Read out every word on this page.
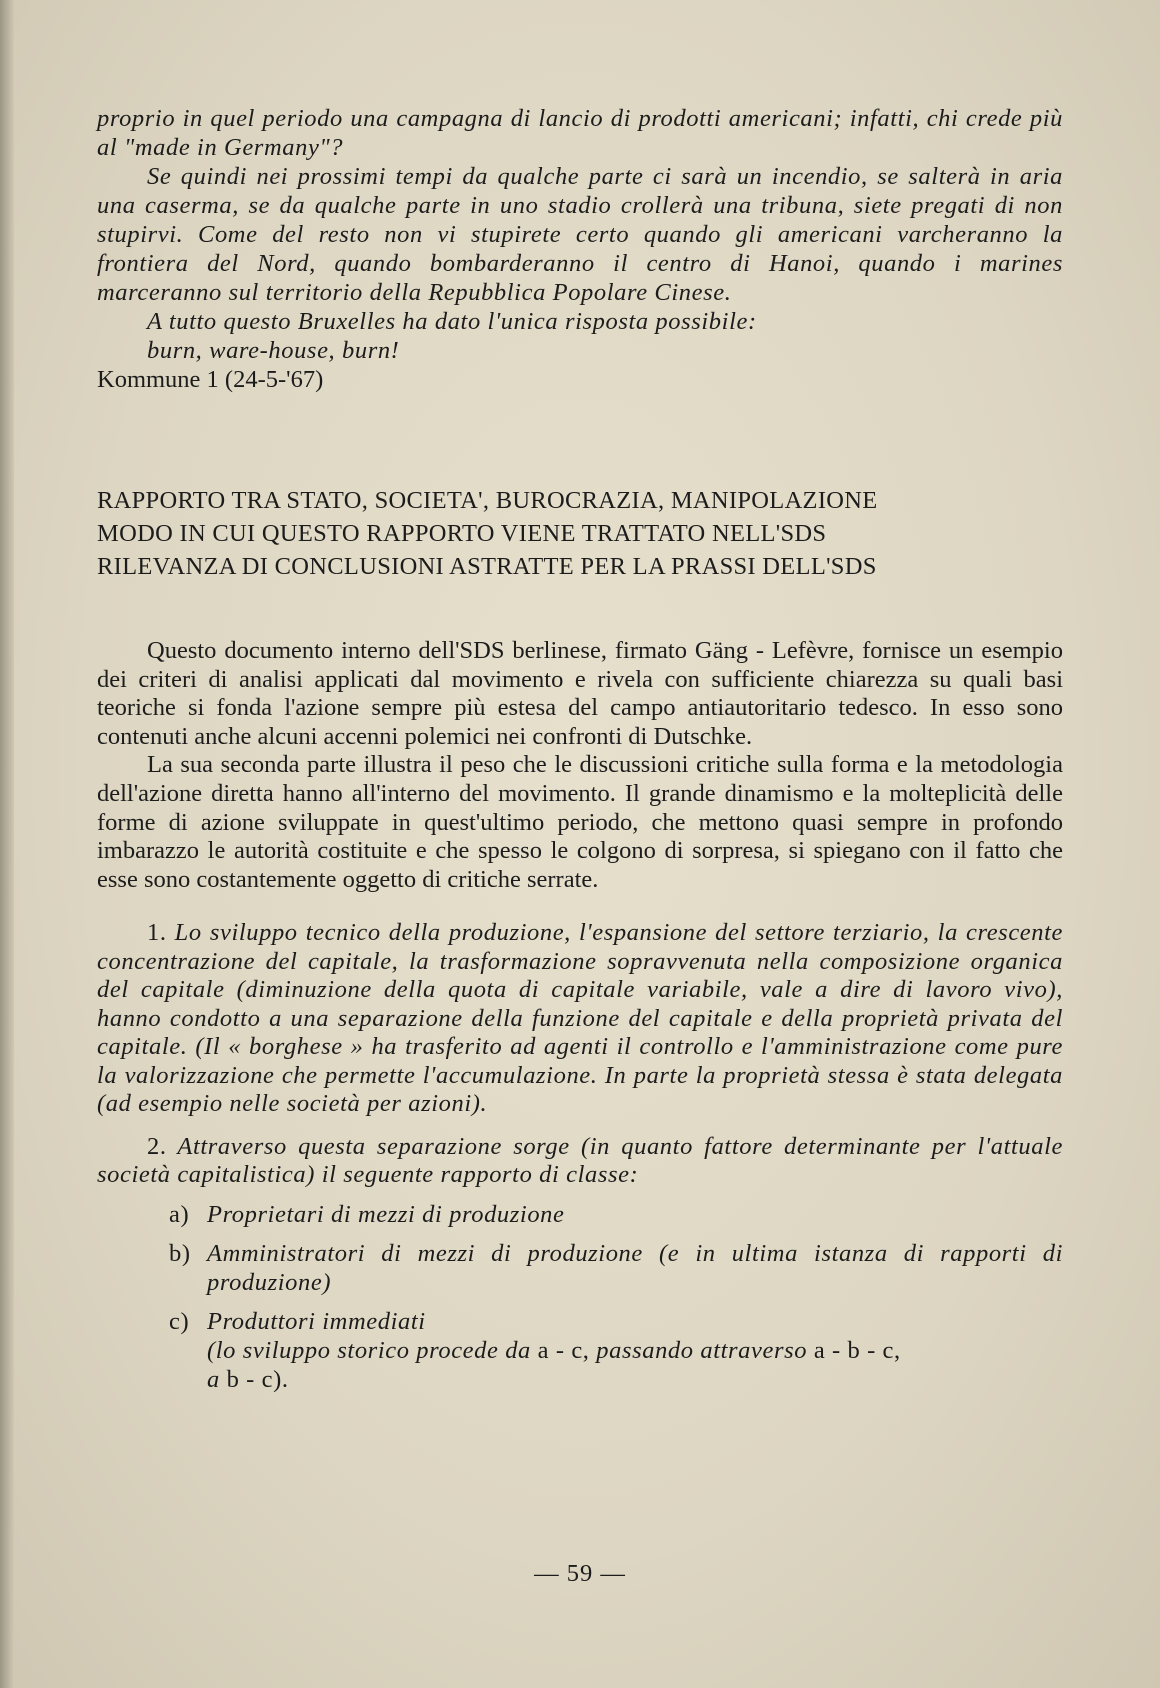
proprio in quel periodo una campagna di lancio di prodotti americani; infatti, chi crede più al "made in Germany"?

Se quindi nei prossimi tempi da qualche parte ci sarà un incendio, se salterà in aria una caserma, se da qualche parte in uno stadio crollerà una tribuna, siete pregati di non stupirvi. Come del resto non vi stupirete certo quando gli americani varcheranno la frontiera del Nord, quando bombarderanno il centro di Hanoi, quando i marines marceranno sul territorio della Repubblica Popolare Cinese.

A tutto questo Bruxelles ha dato l'unica risposta possibile:

burn, ware-house, burn!

Kommune 1 (24-5-'67)

RAPPORTO TRA STATO, SOCIETA', BUROCRAZIA, MANIPOLAZIONE
MODO IN CUI QUESTO RAPPORTO VIENE TRATTATO NELL'SDS
RILEVANZA DI CONCLUSIONI ASTRATTE PER LA PRASSI DELL'SDS

Questo documento interno dell'SDS berlinese, firmato Gäng - Lefèvre, fornisce un esempio dei criteri di analisi applicati dal movimento e rivela con sufficiente chiarezza su quali basi teoriche si fonda l'azione sempre più estesa del campo antiautoritario tedesco. In esso sono contenuti anche alcuni accenni polemici nei confronti di Dutschke.

La sua seconda parte illustra il peso che le discussioni critiche sulla forma e la metodologia dell'azione diretta hanno all'interno del movimento. Il grande dinamismo e la molteplicità delle forme di azione sviluppate in quest'ultimo periodo, che mettono quasi sempre in profondo imbarazzo le autorità costituite e che spesso le colgono di sorpresa, si spiegano con il fatto che esse sono costantemente oggetto di critiche serrate.

1. Lo sviluppo tecnico della produzione, l'espansione del settore terziario, la crescente concentrazione del capitale, la trasformazione sopravvenuta nella composizione organica del capitale (diminuzione della quota di capitale variabile, vale a dire di lavoro vivo), hanno condotto a una separazione della funzione del capitale e della proprietà privata del capitale. (Il « borghese » ha trasferito ad agenti il controllo e l'amministrazione come pure la valorizzazione che permette l'accumulazione. In parte la proprietà stessa è stata delegata (ad esempio nelle società per azioni).

2. Attraverso questa separazione sorge (in quanto fattore determinante per l'attuale società capitalistica) il seguente rapporto di classe:

a) Proprietari di mezzi di produzione
b) Amministratori di mezzi di produzione (e in ultima istanza di rapporti di produzione)
c) Produttori immediati
(lo sviluppo storico procede da a - c, passando attraverso a - b - c,
a b - c).
— 59 —
